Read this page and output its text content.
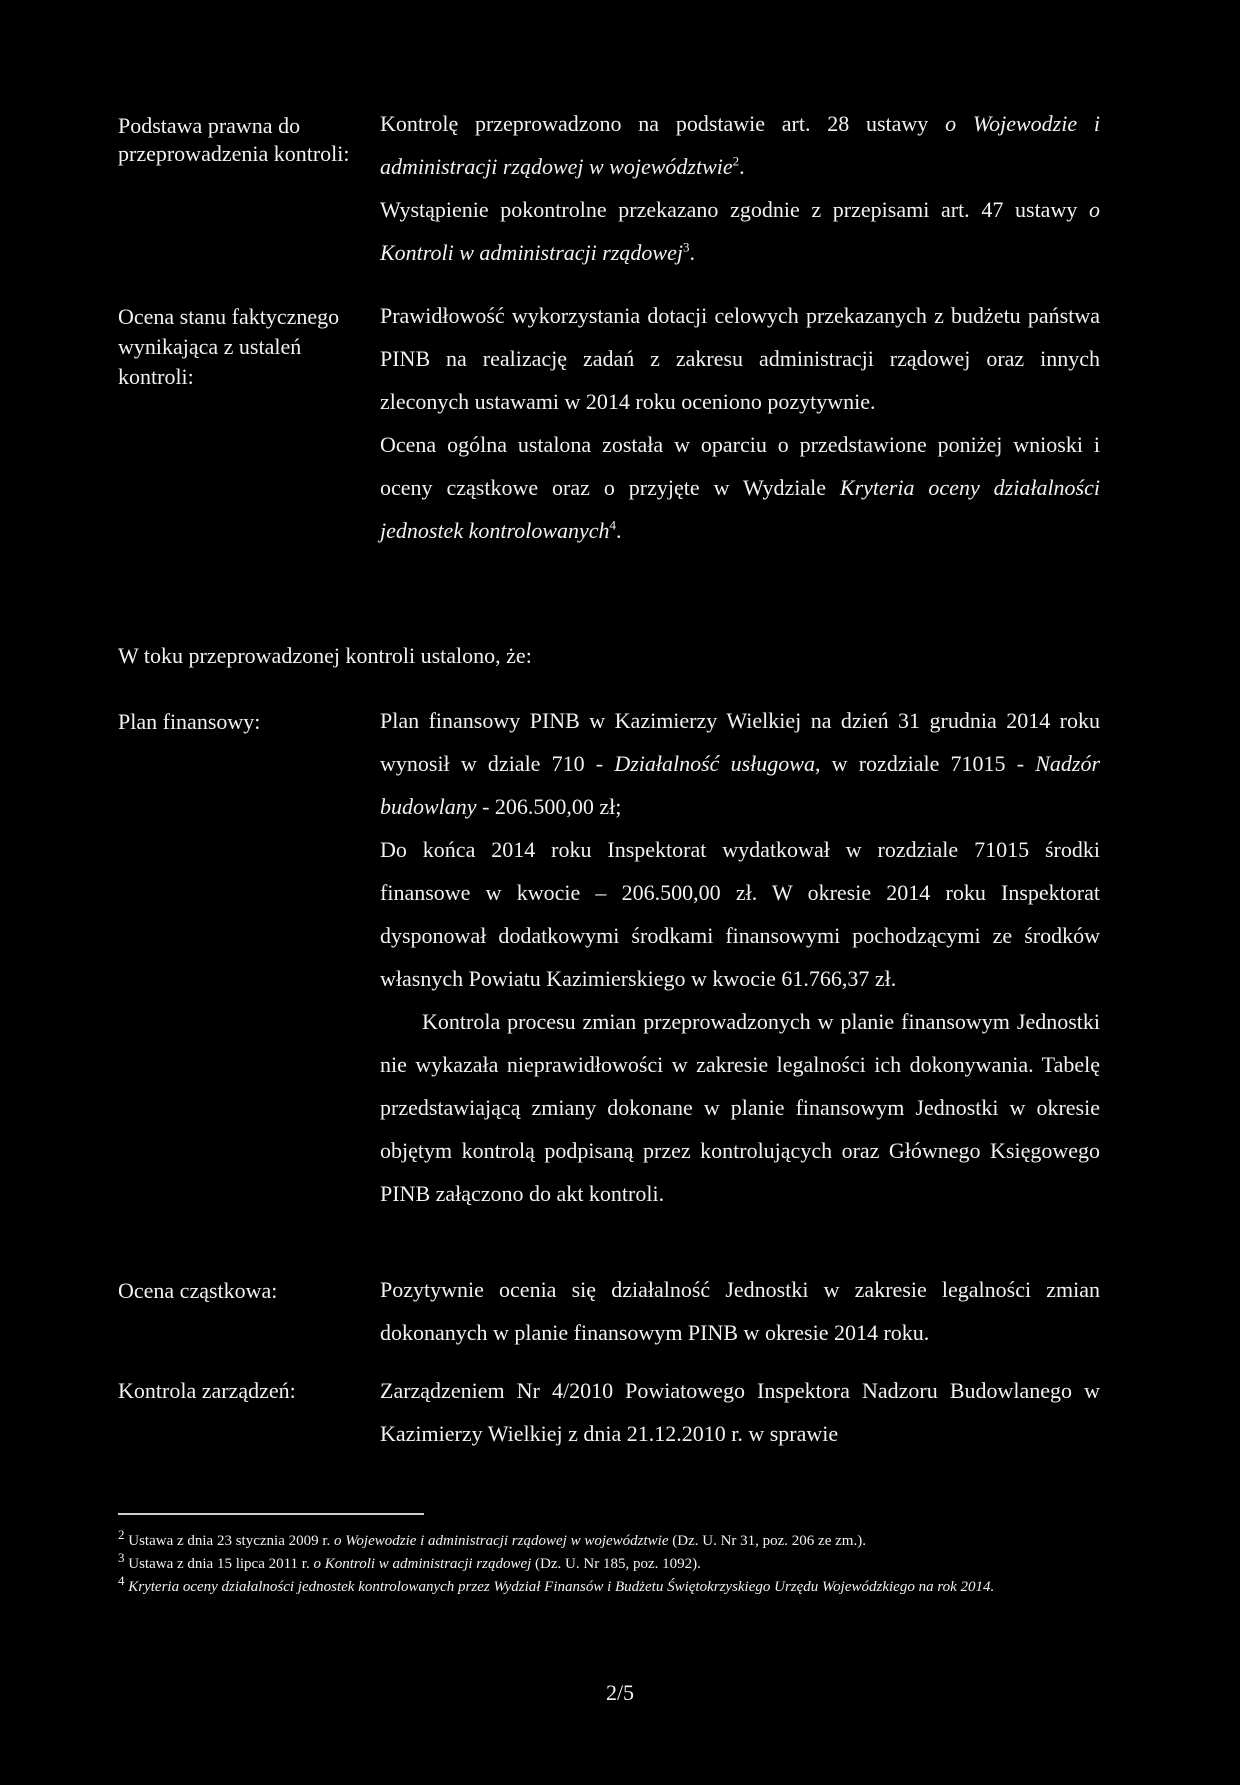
Podstawa prawna do przeprowadzenia kontroli:

Kontrolę przeprowadzono na podstawie art. 28 ustawy o Wojewodzie i administracji rządowej w województwie$^2$.

Wystąpienie pokontrolne przekazano zgodnie z przepisami art. 47 ustawy o Kontroli w administracji rządowej$^3$.

Ocena stanu faktycznego wynikająca z ustaleń kontroli:

Prawidłowość wykorzystania dotacji celowych przekazanych z budżetu państwa PINB na realizację zadań z zakresu administracji rządowej oraz innych zleconych ustawami w 2014 roku oceniono pozytywnie.

Ocena ogólna ustalona została w oparciu o przedstawione poniżej wnioski i oceny cząstkowe oraz o przyjęte w Wydziale Kryteria oceny działalności jednostek kontrolowanych$^4$.

W toku przeprowadzonej kontroli ustalono, że:
Plan finansowy:	Plan finansowy PINB w Kazimierzy Wielkiej na dzień 31 grudnia 2014 roku wynosił w dziale 710 - Działalność usługowa, w rozdziale 71015 - Nadzór budowlany - 206.500,00 zł;

Do końca 2014 roku Inspektorat wydatkował w rozdziale 71015 środki finansowe w kwocie – 206.500,00 zł. W okresie 2014 roku Inspektorat dysponował dodatkowymi środkami finansowymi pochodzącymi ze środków własnych Powiatu Kazimierskiego w kwocie 61.766,37 zł.

Kontrola procesu zmian przeprowadzonych w planie finansowym Jednostki nie wykazała nieprawidłowości w zakresie legalności ich dokonywania. Tabelę przedstawiającą zmiany dokonane w planie finansowym Jednostki w okresie objętym kontrolą podpisaną przez kontrolujących oraz Głównego Księgowego PINB załączono do akt kontroli.

Ocena cząstkowa:	Pozytywnie ocenia się działalność Jednostki w zakresie legalności zmian dokonanych w planie finansowym PINB w okresie 2014 roku.

Kontrola zarządzeń:	Zarządzeniem Nr 4/2010 Powiatowego Inspektora Nadzoru Budowlanego w Kazimierzy Wielkiej z dnia 21.12.2010 r. w sprawie

$^2$ Ustawa z dnia 23 stycznia 2009 r. o Wojewodzie i administracji rządowej w województwie (Dz. U. Nr 31, poz. 206 ze zm.).

$^3$ Ustawa z dnia 15 lipca 2011 r. o Kontroli w administracji rządowej (Dz. U. Nr 185, poz. 1092).

$^4$ Kryteria oceny działalności jednostek kontrolowanych przez Wydział Finansów i Budżetu Świętokrzyskiego Urzędu Wojewódzkiego na rok 2014.

2/5
